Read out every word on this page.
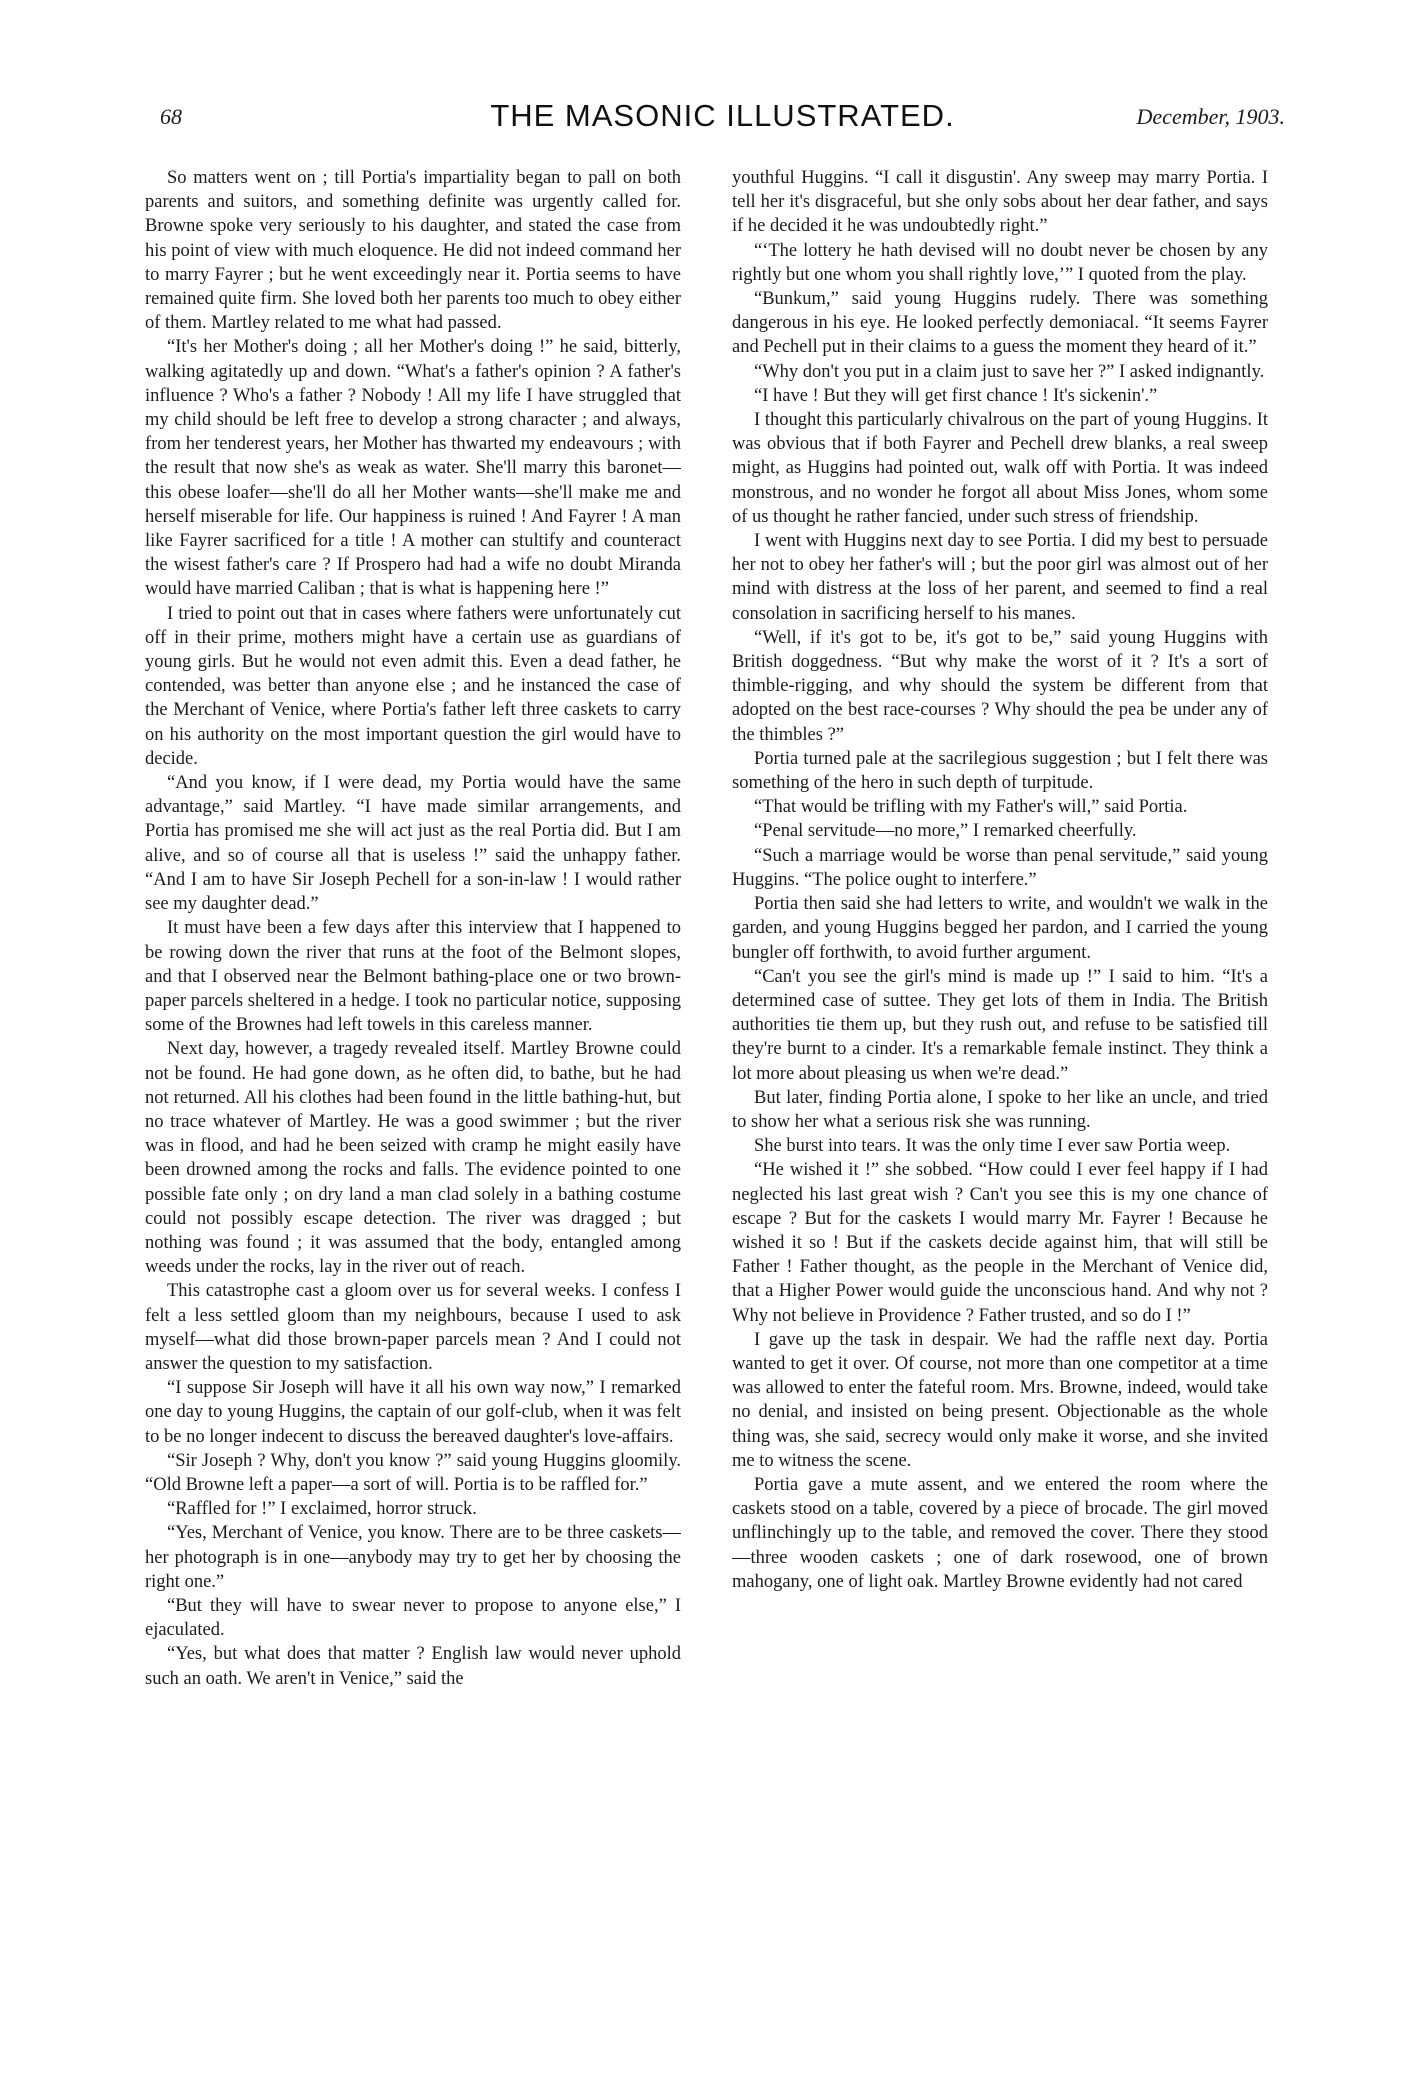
68	THE MASONIC ILLUSTRATED.	December, 1903.

So matters went on ; till Portia's impartiality began to pall on both parents and suitors, and something definite was urgently called for. Browne spoke very seriously to his daughter, and stated the case from his point of view with much eloquence. He did not indeed command her to marry Fayrer ; but he went exceedingly near it. Portia seems to have remained quite firm. She loved both her parents too much to obey either of them. Martley related to me what had passed.

“It's her Mother's doing ; all her Mother's doing !” he said, bitterly, walking agitatedly up and down. “What's a father's opinion ? A father's influence ? Who's a father ? Nobody ! All my life I have struggled that my child should be left free to develop a strong character ; and always, from her tenderest years, her Mother has thwarted my endeavours ; with the result that now she's as weak as water. She'll marry this baronet—this obese loafer—she'll do all her Mother wants—she'll make me and herself miserable for life. Our happiness is ruined ! And Fayrer ! A man like Fayrer sacrificed for a title ! A mother can stultify and counteract the wisest father's care ? If Prospero had had a wife no doubt Miranda would have married Caliban ; that is what is happening here !”

I tried to point out that in cases where fathers were unfortunately cut off in their prime, mothers might have a certain use as guardians of young girls. But he would not even admit this. Even a dead father, he contended, was better than anyone else ; and he instanced the case of the Merchant of Venice, where Portia's father left three caskets to carry on his authority on the most important question the girl would have to decide.

“And you know, if I were dead, my Portia would have the same advantage,” said Martley. “I have made similar arrangements, and Portia has promised me she will act just as the real Portia did. But I am alive, and so of course all that is useless !” said the unhappy father. “And I am to have Sir Joseph Pechell for a son-in-law ! I would rather see my daughter dead.”

It must have been a few days after this interview that I happened to be rowing down the river that runs at the foot of the Belmont slopes, and that I observed near the Belmont bathing-place one or two brown-paper parcels sheltered in a hedge. I took no particular notice, supposing some of the Brownes had left towels in this careless manner.

Next day, however, a tragedy revealed itself. Martley Browne could not be found. He had gone down, as he often did, to bathe, but he had not returned. All his clothes had been found in the little bathing-hut, but no trace whatever of Martley. He was a good swimmer ; but the river was in flood, and had he been seized with cramp he might easily have been drowned among the rocks and falls. The evidence pointed to one possible fate only ; on dry land a man clad solely in a bathing costume could not possibly escape detection. The river was dragged ; but nothing was found ; it was assumed that the body, entangled among weeds under the rocks, lay in the river out of reach.

This catastrophe cast a gloom over us for several weeks. I confess I felt a less settled gloom than my neighbours, because I used to ask myself—what did those brown-paper parcels mean ? And I could not answer the question to my satisfaction.

“I suppose Sir Joseph will have it all his own way now,” I remarked one day to young Huggins, the captain of our golf-club, when it was felt to be no longer indecent to discuss the bereaved daughter's love-affairs.

“Sir Joseph ? Why, don't you know ?” said young Huggins gloomily. “Old Browne left a paper—a sort of will. Portia is to be raffled for.”

“Raffled for !” I exclaimed, horror struck.

“Yes, Merchant of Venice, you know. There are to be three caskets—her photograph is in one—anybody may try to get her by choosing the right one.”

“But they will have to swear never to propose to anyone else,” I ejaculated.

“Yes, but what does that matter ? English law would never uphold such an oath. We aren't in Venice,” said the

youthful Huggins. “I call it disgustin'. Any sweep may marry Portia. I tell her it's disgraceful, but she only sobs about her dear father, and says if he decided it he was undoubtedly right.”

“‘The lottery he hath devised will no doubt never be chosen by any rightly but one whom you shall rightly love,’” I quoted from the play.

“Bunkum,” said young Huggins rudely. There was something dangerous in his eye. He looked perfectly demoniacal. “It seems Fayrer and Pechell put in their claims to a guess the moment they heard of it.”

“Why don't you put in a claim just to save her ?” I asked indignantly.

“I have ! But they will get first chance ! It's sickenin'.”

I thought this particularly chivalrous on the part of young Huggins. It was obvious that if both Fayrer and Pechell drew blanks, a real sweep might, as Huggins had pointed out, walk off with Portia. It was indeed monstrous, and no wonder he forgot all about Miss Jones, whom some of us thought he rather fancied, under such stress of friendship.

I went with Huggins next day to see Portia. I did my best to persuade her not to obey her father's will ; but the poor girl was almost out of her mind with distress at the loss of her parent, and seemed to find a real consolation in sacrificing herself to his manes.

“Well, if it's got to be, it's got to be,” said young Huggins with British doggedness. “But why make the worst of it ? It's a sort of thimble-rigging, and why should the system be different from that adopted on the best race-courses ? Why should the pea be under any of the thimbles ?”

Portia turned pale at the sacrilegious suggestion ; but I felt there was something of the hero in such depth of turpitude.

“That would be trifling with my Father's will,” said Portia.

“Penal servitude—no more,” I remarked cheerfully.

“Such a marriage would be worse than penal servitude,” said young Huggins. “The police ought to interfere.”

Portia then said she had letters to write, and wouldn't we walk in the garden, and young Huggins begged her pardon, and I carried the young bungler off forthwith, to avoid further argument.

“Can't you see the girl's mind is made up !” I said to him. “It's a determined case of suttee. They get lots of them in India. The British authorities tie them up, but they rush out, and refuse to be satisfied till they're burnt to a cinder. It's a remarkable female instinct. They think a lot more about pleasing us when we're dead.”

But later, finding Portia alone, I spoke to her like an uncle, and tried to show her what a serious risk she was running.

She burst into tears. It was the only time I ever saw Portia weep.

“He wished it !” she sobbed. “How could I ever feel happy if I had neglected his last great wish ? Can't you see this is my one chance of escape ? But for the caskets I would marry Mr. Fayrer ! Because he wished it so ! But if the caskets decide against him, that will still be Father ! Father thought, as the people in the Merchant of Venice did, that a Higher Power would guide the unconscious hand. And why not ? Why not believe in Providence ? Father trusted, and so do I !”

I gave up the task in despair. We had the raffle next day. Portia wanted to get it over. Of course, not more than one competitor at a time was allowed to enter the fateful room. Mrs. Browne, indeed, would take no denial, and insisted on being present. Objectionable as the whole thing was, she said, secrecy would only make it worse, and she invited me to witness the scene.

Portia gave a mute assent, and we entered the room where the caskets stood on a table, covered by a piece of brocade. The girl moved unflinchingly up to the table, and removed the cover. There they stood—three wooden caskets ; one of dark rosewood, one of brown mahogany, one of light oak. Martley Browne evidently had not cared
